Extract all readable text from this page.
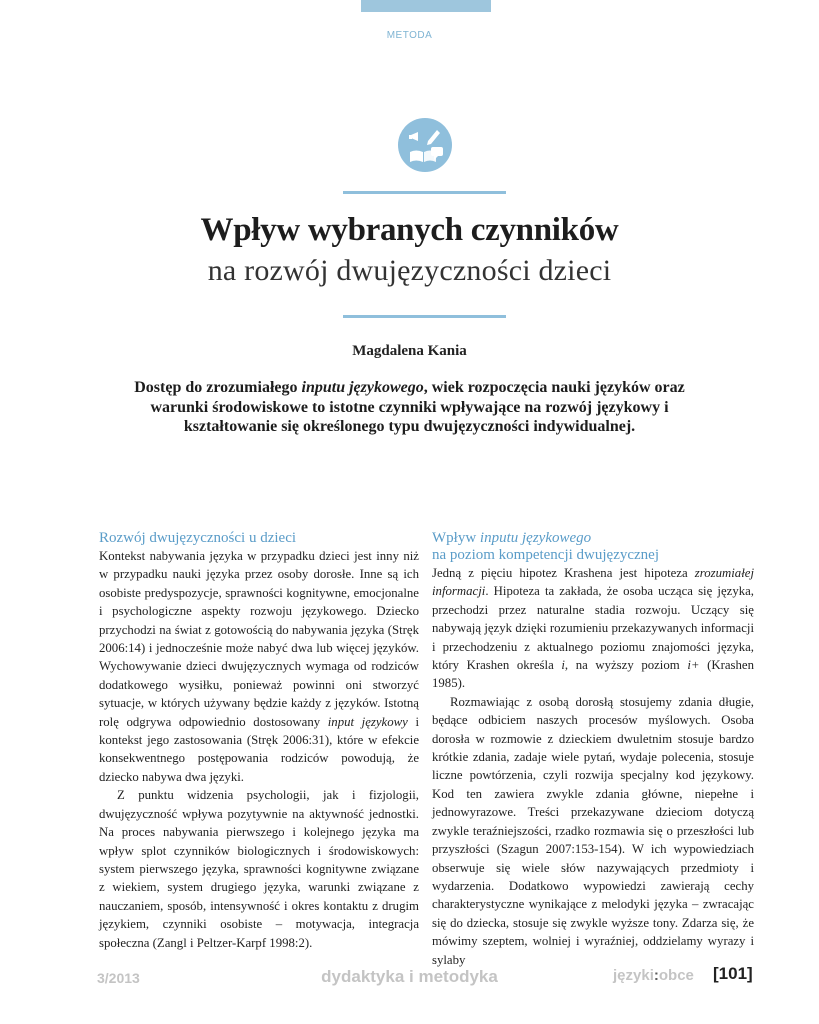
METODA
Wpływ wybranych czynników
na rozwój dwujęzyczności dzieci
Magdalena Kania
Dostęp do zrozumiałego inputu językowego, wiek rozpoczęcia nauki języków oraz warunki środowiskowe to istotne czynniki wpływające na rozwój językowy i kształtowanie się określonego typu dwujęzyczności indywidualnej.
Rozwój dwujęzyczności u dzieci

Kontekst nabywania języka w przypadku dzieci jest inny niż w przypadku nauki języka przez osoby dorosłe. Inne są ich osobiste predyspozycje, sprawności kognitywne, emocjonalne i psychologiczne aspekty rozwoju językowego. Dziecko przychodzi na świat z gotowością do nabywania języka (Stręk 2006:14) i jednocześnie może nabyć dwa lub więcej języków. Wychowywanie dzieci dwujęzycznych wymaga od rodziców dodatkowego wysiłku, ponieważ powinni oni stworzyć sytuacje, w których używany będzie każdy z języków. Istotną rolę odgrywa odpowiednio dostosowany input językowy i kontekst jego zastosowania (Stręk 2006:31), które w efekcie konsekwentnego postępowania rodziców powodują, że dziecko nabywa dwa języki.

Z punktu widzenia psychologii, jak i fizjologii, dwujęzyczność wpływa pozytywnie na aktywność jednostki. Na proces nabywania pierwszego i kolejnego języka ma wpływ splot czynników biologicznych i środowiskowych: system pierwszego języka, sprawności kognitywne związane z wiekiem, system drugiego języka, warunki związane z nauczaniem, sposób, intensywność i okres kontaktu z drugim językiem, czynniki osobiste – motywacja, integracja społeczna (Zangl i Peltzer-Karpf 1998:2).

Wpływ inputu językowego
na poziom kompetencji dwujęzycznej

Jedną z pięciu hipotez Krashena jest hipoteza zrozumiałej informacji. Hipoteza ta zakłada, że osoba ucząca się języka, przechodzi przez naturalne stadia rozwoju. Uczący się nabywają język dzięki rozumieniu przekazywanych informacji i przechodzeniu z aktualnego poziomu znajomości języka, który Krashen określa i, na wyższy poziom i+ (Krashen 1985).

Rozmawiając z osobą dorosłą stosujemy zdania długie, będące odbiciem naszych procesów myślowych. Osoba dorosła w rozmowie z dzieckiem dwuletnim stosuje bardzo krótkie zdania, zadaje wiele pytań, wydaje polecenia, stosuje liczne powtórzenia, czyli rozwija specjalny kod językowy. Kod ten zawiera zwykle zdania główne, niepełne i jednowyrazowe. Treści przekazywane dzieciom dotyczą zwykle teraźniejszości, rzadko rozmawia się o przeszłości lub przyszłości (Szagun 2007:153-154). W ich wypowiedziach obserwuje się wiele słów nazywających przedmioty i wydarzenia. Dodatkowo wypowiedzi zawierają cechy charakterystyczne wynikające z melodyki języka – zwracając się do dziecka, stosuje się zwykle wyższe tony. Zdarza się, że mówimy szeptem, wolniej i wyraźniej, oddzielamy wyrazy i sylaby

3/2013	dydaktyka i metodyka	języki:obce [101]
